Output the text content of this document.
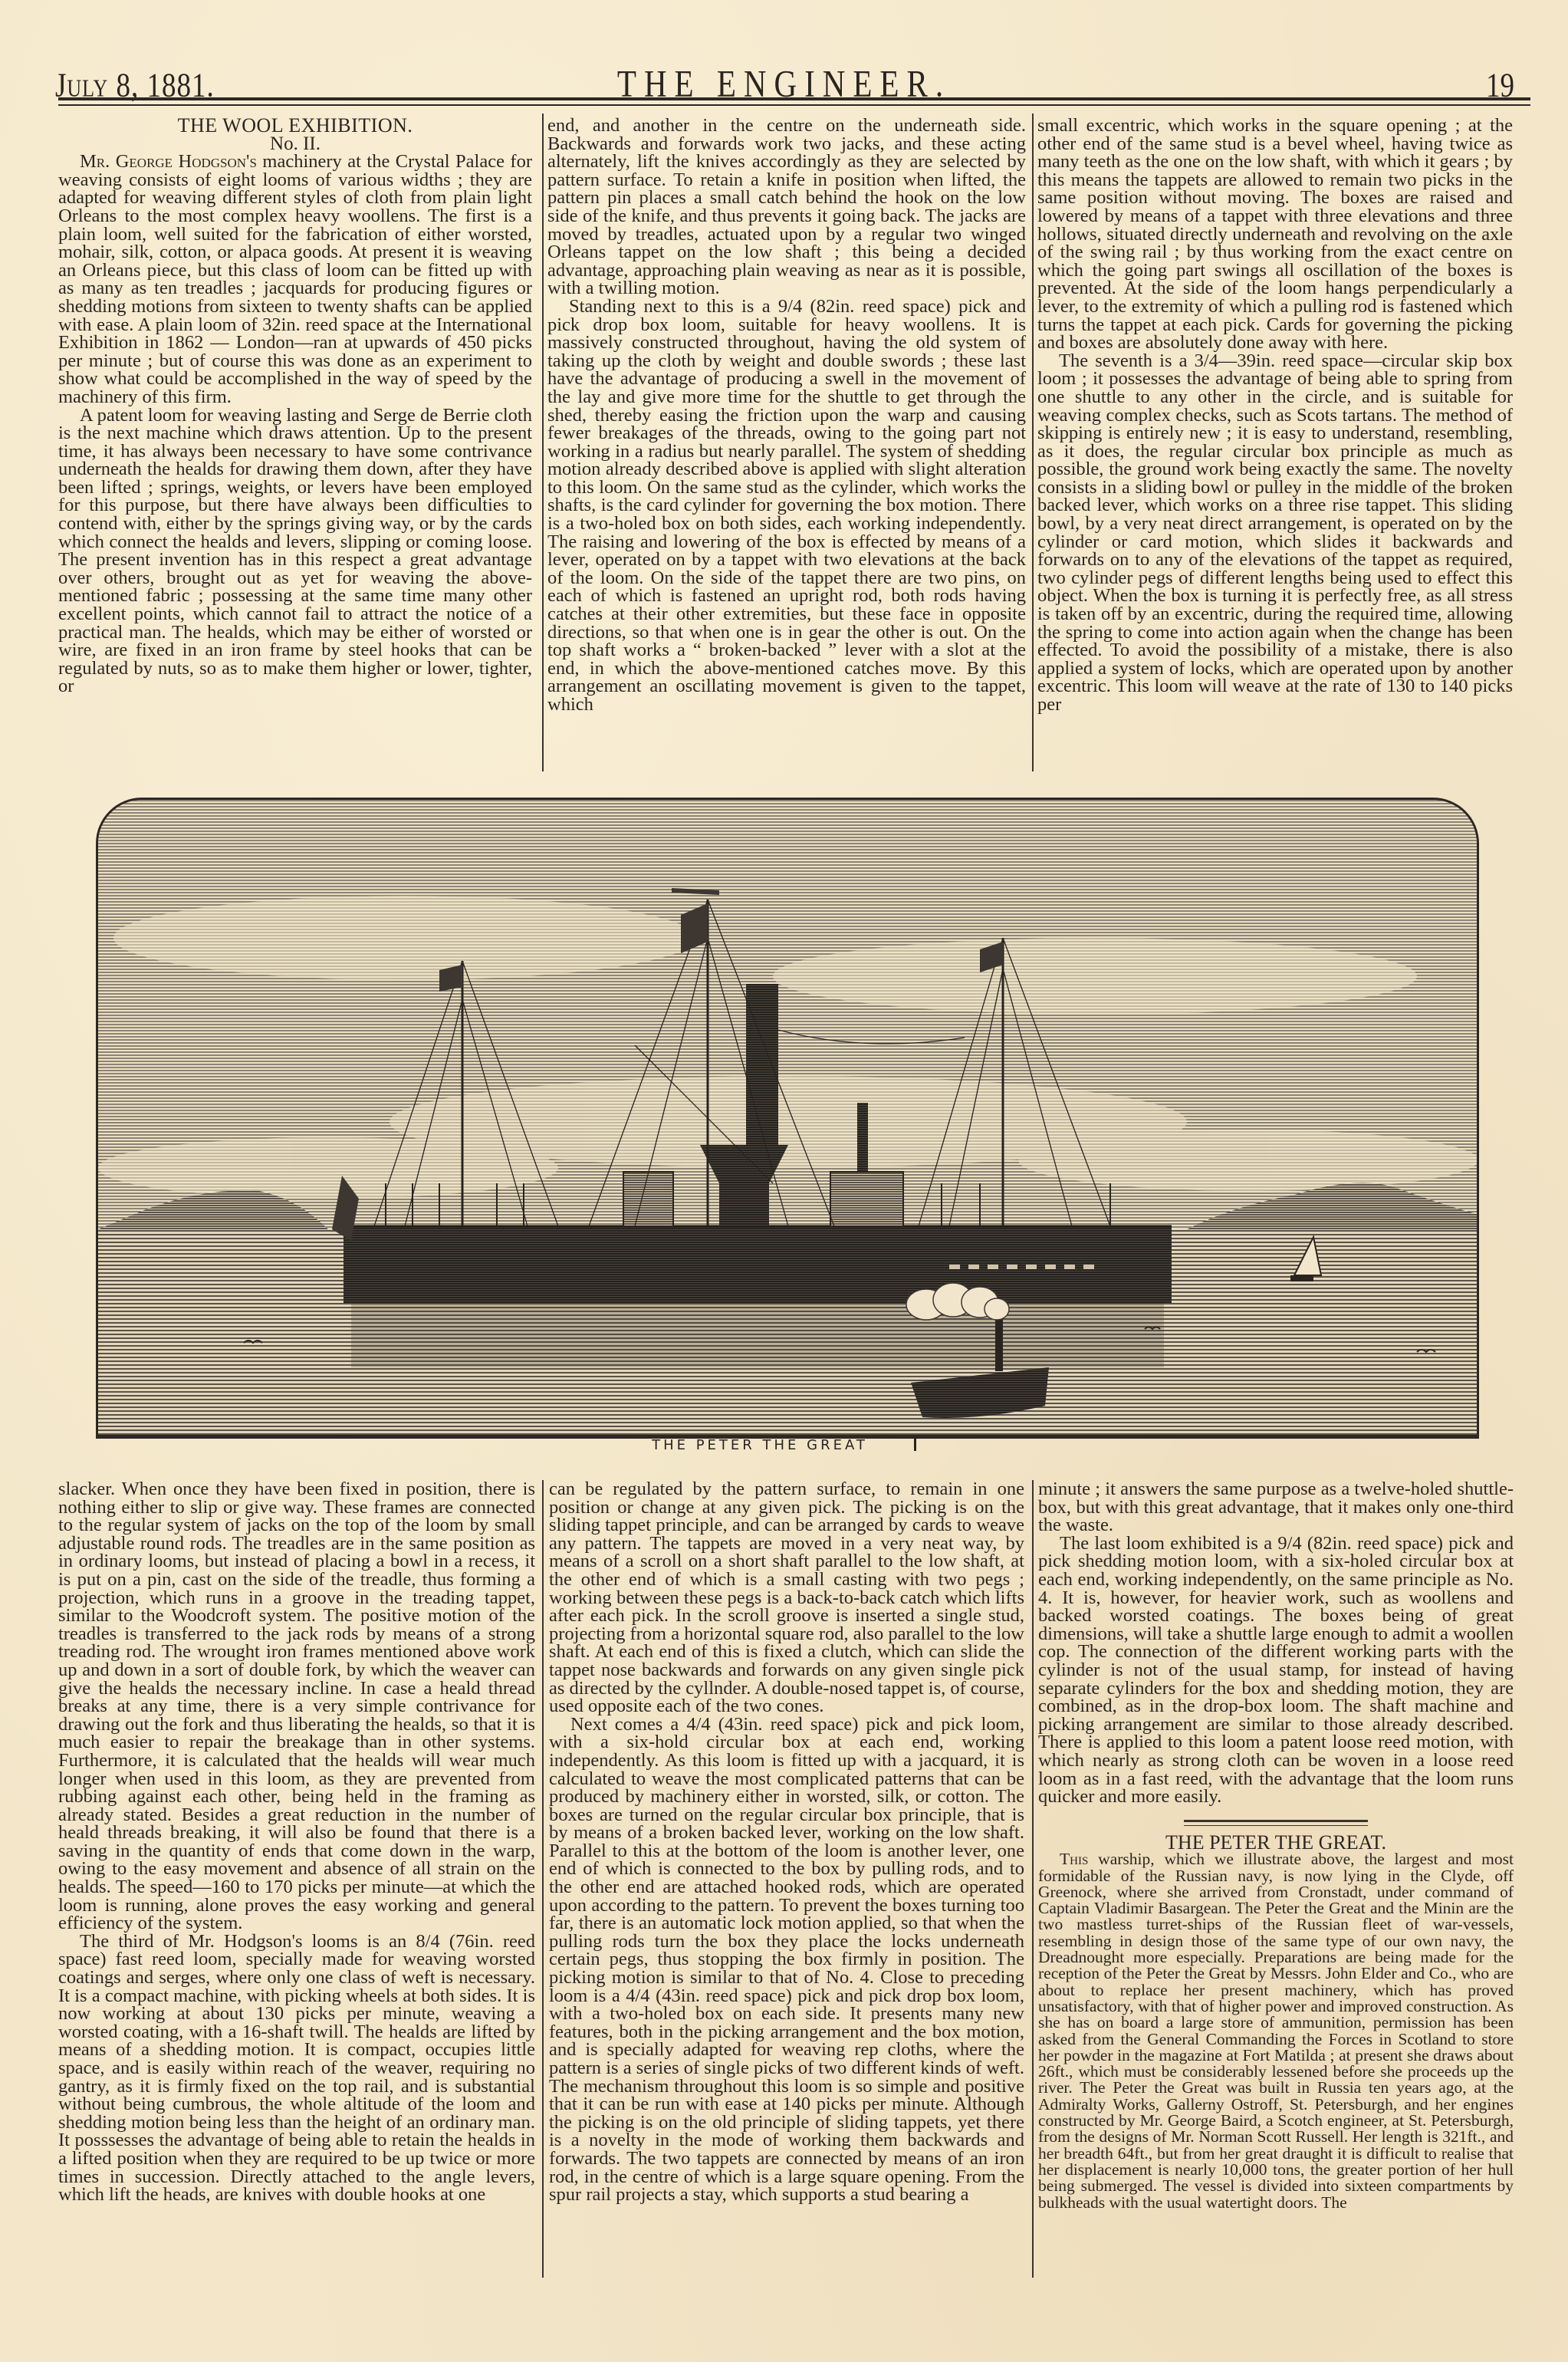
July 8, 1881.	THE ENGINEER.	19

THE WOOL EXHIBITION.

No. II.

Mr. George Hodgson's machinery at the Crystal Palace for weaving consists of eight looms of various widths ; they are adapted for weaving different styles of cloth from plain light Orleans to the most complex heavy woollens. The first is a plain loom, well suited for the fabrication of either worsted, mohair, silk, cotton, or alpaca goods. At present it is weaving an Orleans piece, but this class of loom can be fitted up with as many as ten treadles ; jacquards for producing figures or shedding motions from sixteen to twenty shafts can be applied with ease. A plain loom of 32in. reed space at the International Exhibition in 1862 — London—ran at upwards of 450 picks per minute ; but of course this was done as an experiment to show what could be accomplished in the way of speed by the machinery of this firm.

A patent loom for weaving lasting and Serge de Berrie cloth is the next machine which draws attention. Up to the present time, it has always been necessary to have some contrivance underneath the healds for drawing them down, after they have been lifted ; springs, weights, or levers have been employed for this purpose, but there have always been difficulties to contend with, either by the springs giving way, or by the cards which connect the healds and levers, slipping or coming loose. The present invention has in this respect a great advantage over others, brought out as yet for weaving the above-mentioned fabric ; possessing at the same time many other excellent points, which cannot fail to attract the notice of a practical man. The healds, which may be either of worsted or wire, are fixed in an iron frame by steel hooks that can be regulated by nuts, so as to make them higher or lower, tighter, or

end, and another in the centre on the underneath side. Backwards and forwards work two jacks, and these acting alternately, lift the knives accordingly as they are selected by pattern surface. To retain a knife in position when lifted, the pattern pin places a small catch behind the hook on the low side of the knife, and thus prevents it going back. The jacks are moved by treadles, actuated upon by a regular two winged Orleans tappet on the low shaft ; this being a decided advantage, approaching plain weaving as near as it is possible, with a twilling motion.

Standing next to this is a 9/4 (82in. reed space) pick and pick drop box loom, suitable for heavy woollens. It is massively constructed throughout, having the old system of taking up the cloth by weight and double swords ; these last have the advantage of producing a swell in the movement of the lay and give more time for the shuttle to get through the shed, thereby easing the friction upon the warp and causing fewer breakages of the threads, owing to the going part not working in a radius but nearly parallel. The system of shedding motion already described above is applied with slight alteration to this loom. On the same stud as the cylinder, which works the shafts, is the card cylinder for governing the box motion. There is a two-holed box on both sides, each working independently. The raising and lowering of the box is effected by means of a lever, operated on by a tappet with two elevations at the back of the loom. On the side of the tappet there are two pins, on each of which is fastened an upright rod, both rods having catches at their other extremities, but these face in opposite directions, so that when one is in gear the other is out. On the top shaft works a “ broken-backed ” lever with a slot at the end, in which the above-mentioned catches move. By this arrangement an oscillating movement is given to the tappet, which

small excentric, which works in the square opening ; at the other end of the same stud is a bevel wheel, having twice as many teeth as the one on the low shaft, with which it gears ; by this means the tappets are allowed to remain two picks in the same position without moving. The boxes are raised and lowered by means of a tappet with three elevations and three hollows, situated directly underneath and revolving on the axle of the swing rail ; by thus working from the exact centre on which the going part swings all oscillation of the boxes is prevented. At the side of the loom hangs perpendicularly a lever, to the extremity of which a pulling rod is fastened which turns the tappet at each pick. Cards for governing the picking and boxes are absolutely done away with here.

The seventh is a 3/4—39in. reed space—circular skip box loom ; it possesses the advantage of being able to spring from one shuttle to any other in the circle, and is suitable for weaving complex checks, such as Scots tartans. The method of skipping is entirely new ; it is easy to understand, resembling, as it does, the regular circular box principle as much as possible, the ground work being exactly the same. The novelty consists in a sliding bowl or pulley in the middle of the broken backed lever, which works on a three rise tappet. This sliding bowl, by a very neat direct arrangement, is operated on by the cylinder or card motion, which slides it backwards and forwards on to any of the elevations of the tappet as required, two cylinder pegs of different lengths being used to effect this object. When the box is turning it is perfectly free, as all stress is taken off by an excentric, during the required time, allowing the spring to come into action again when the change has been effected. To avoid the possibility of a mistake, there is also applied a system of locks, which are operated upon by another excentric. This loom will weave at the rate of 130 to 140 picks per

THE PETER THE GREAT

slacker. When once they have been fixed in position, there is nothing either to slip or give way. These frames are connected to the regular system of jacks on the top of the loom by small adjustable round rods. The treadles are in the same position as in ordinary looms, but instead of placing a bowl in a recess, it is put on a pin, cast on the side of the treadle, thus forming a projection, which runs in a groove in the treading tappet, similar to the Woodcroft system. The positive motion of the treadles is transferred to the jack rods by means of a strong treading rod. The wrought iron frames mentioned above work up and down in a sort of double fork, by which the weaver can give the healds the necessary incline. In case a heald thread breaks at any time, there is a very simple contrivance for drawing out the fork and thus liberating the healds, so that it is much easier to repair the breakage than in other systems. Furthermore, it is calculated that the healds will wear much longer when used in this loom, as they are prevented from rubbing against each other, being held in the framing as already stated. Besides a great reduction in the number of heald threads breaking, it will also be found that there is a saving in the quantity of ends that come down in the warp, owing to the easy movement and absence of all strain on the healds. The speed—160 to 170 picks per minute—at which the loom is running, alone proves the easy working and general efficiency of the system.

The third of Mr. Hodgson's looms is an 8/4 (76in. reed space) fast reed loom, specially made for weaving worsted coatings and serges, where only one class of weft is necessary. It is a compact machine, with picking wheels at both sides. It is now working at about 130 picks per minute, weaving a worsted coating, with a 16-shaft twill. The healds are lifted by means of a shedding motion. It is compact, occupies little space, and is easily within reach of the weaver, requiring no gantry, as it is firmly fixed on the top rail, and is substantial without being cumbrous, the whole altitude of the loom and shedding motion being less than the height of an ordinary man. It posssesses the advantage of being able to retain the healds in a lifted position when they are required to be up twice or more times in succession. Directly attached to the angle levers, which lift the heads, are knives with double hooks at one

can be regulated by the pattern surface, to remain in one position or change at any given pick. The picking is on the sliding tappet principle, and can be arranged by cards to weave any pattern. The tappets are moved in a very neat way, by means of a scroll on a short shaft parallel to the low shaft, at the other end of which is a small casting with two pegs ; working between these pegs is a back-to-back catch which lifts after each pick. In the scroll groove is inserted a single stud, projecting from a horizontal square rod, also parallel to the low shaft. At each end of this is fixed a clutch, which can slide the tappet nose backwards and forwards on any given single pick as directed by the cyllnder. A double-nosed tappet is, of course, used opposite each of the two cones.

Next comes a 4/4 (43in. reed space) pick and pick loom, with a six-hold circular box at each end, working independently. As this loom is fitted up with a jacquard, it is calculated to weave the most complicated patterns that can be produced by machinery either in worsted, silk, or cotton. The boxes are turned on the regular circular box principle, that is by means of a broken backed lever, working on the low shaft. Parallel to this at the bottom of the loom is another lever, one end of which is connected to the box by pulling rods, and to the other end are attached hooked rods, which are operated upon according to the pattern. To prevent the boxes turning too far, there is an automatic lock motion applied, so that when the pulling rods turn the box they place the locks underneath certain pegs, thus stopping the box firmly in position. The picking motion is similar to that of No. 4. Close to preceding loom is a 4/4 (43in. reed space) pick and pick drop box loom, with a two-holed box on each side. It presents many new features, both in the picking arrangement and the box motion, and is specially adapted for weaving rep cloths, where the pattern is a series of single picks of two different kinds of weft. The mechanism throughout this loom is so simple and positive that it can be run with ease at 140 picks per minute. Although the picking is on the old principle of sliding tappets, yet there is a novelty in the mode of working them backwards and forwards. The two tappets are connected by means of an iron rod, in the centre of which is a large square opening. From the spur rail projects a stay, which supports a stud bearing a

minute ; it answers the same purpose as a twelve-holed shuttle-box, but with this great advantage, that it makes only one-third the waste.

The last loom exhibited is a 9/4 (82in. reed space) pick and pick shedding motion loom, with a six-holed circular box at each end, working independently, on the same principle as No. 4. It is, however, for heavier work, such as woollens and backed worsted coatings. The boxes being of great dimensions, will take a shuttle large enough to admit a woollen cop. The connection of the different working parts with the cylinder is not of the usual stamp, for instead of having separate cylinders for the box and shedding motion, they are combined, as in the drop-box loom. The shaft machine and picking arrangement are similar to those already described. There is applied to this loom a patent loose reed motion, with which nearly as strong cloth can be woven in a loose reed loom as in a fast reed, with the advantage that the loom runs quicker and more easily.

THE PETER THE GREAT.

This warship, which we illustrate above, the largest and most formidable of the Russian navy, is now lying in the Clyde, off Greenock, where she arrived from Cronstadt, under command of Captain Vladimir Basargean. The Peter the Great and the Minin are the two mastless turret-ships of the Russian fleet of war-vessels, resembling in design those of the same type of our own navy, the Dreadnought more especially. Preparations are being made for the reception of the Peter the Great by Messrs. John Elder and Co., who are about to replace her present machinery, which has proved unsatisfactory, with that of higher power and improved construction. As she has on board a large store of ammunition, permission has been asked from the General Commanding the Forces in Scotland to store her powder in the magazine at Fort Matilda ; at present she draws about 26ft., which must be considerably lessened before she proceeds up the river. The Peter the Great was built in Russia ten years ago, at the Admiralty Works, Gallerny Ostroff, St. Petersburgh, and her engines constructed by Mr. George Baird, a Scotch engineer, at St. Petersburgh, from the designs of Mr. Norman Scott Russell. Her length is 321ft., and her breadth 64ft., but from her great draught it is difficult to realise that her displacement is nearly 10,000 tons, the greater portion of her hull being submerged. The vessel is divided into sixteen compartments by bulkheads with the usual watertight doors. The
